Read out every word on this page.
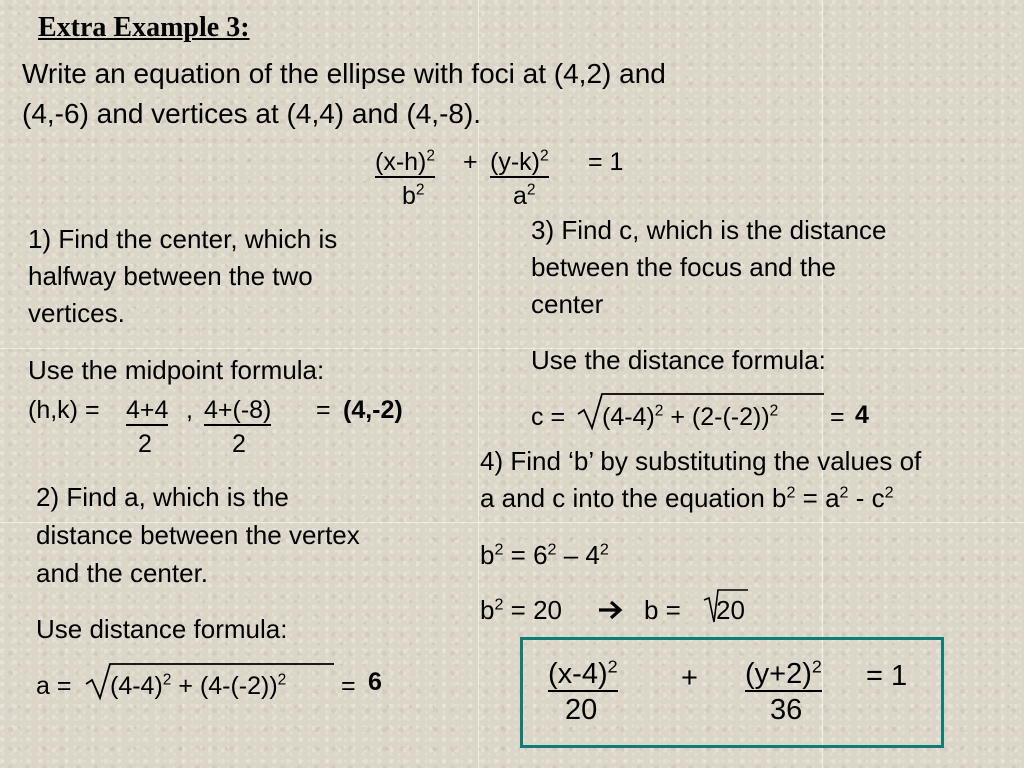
Extra Example 3:
Write an equation of the ellipse with foci at (4,2) and
(4,-6) and vertices at (4,4) and (4,-8).
$(x-h)^2 + (y-k)^2 = 1$
$b^2$	$a^2$
1) Find the center, which is
halfway between the two
vertices.
Use the midpoint formula:
(h,k) = 4+4 , 4+(-8)
2	2
= (4,-2)
2) Find a, which is the
distance between the vertex
and the center.
Use distance formula:
$a = (4-4)^2 + (4-(-2))^2 = 6$
3) Find c, which is the distance
between the focus and the
center
Use the distance formula:
$c = (4-4)^2 + (2-(-2))^2 = 4$
4) Find ‘b’ by substituting the values of
a and c into the equation $b^2 = a^2 - c^2$
$b^2 = 6^2 - 4^2$
$b^2 = 20$	b = 20
$(x-4)^2 + (y+2)^2 = 1$
20	36
